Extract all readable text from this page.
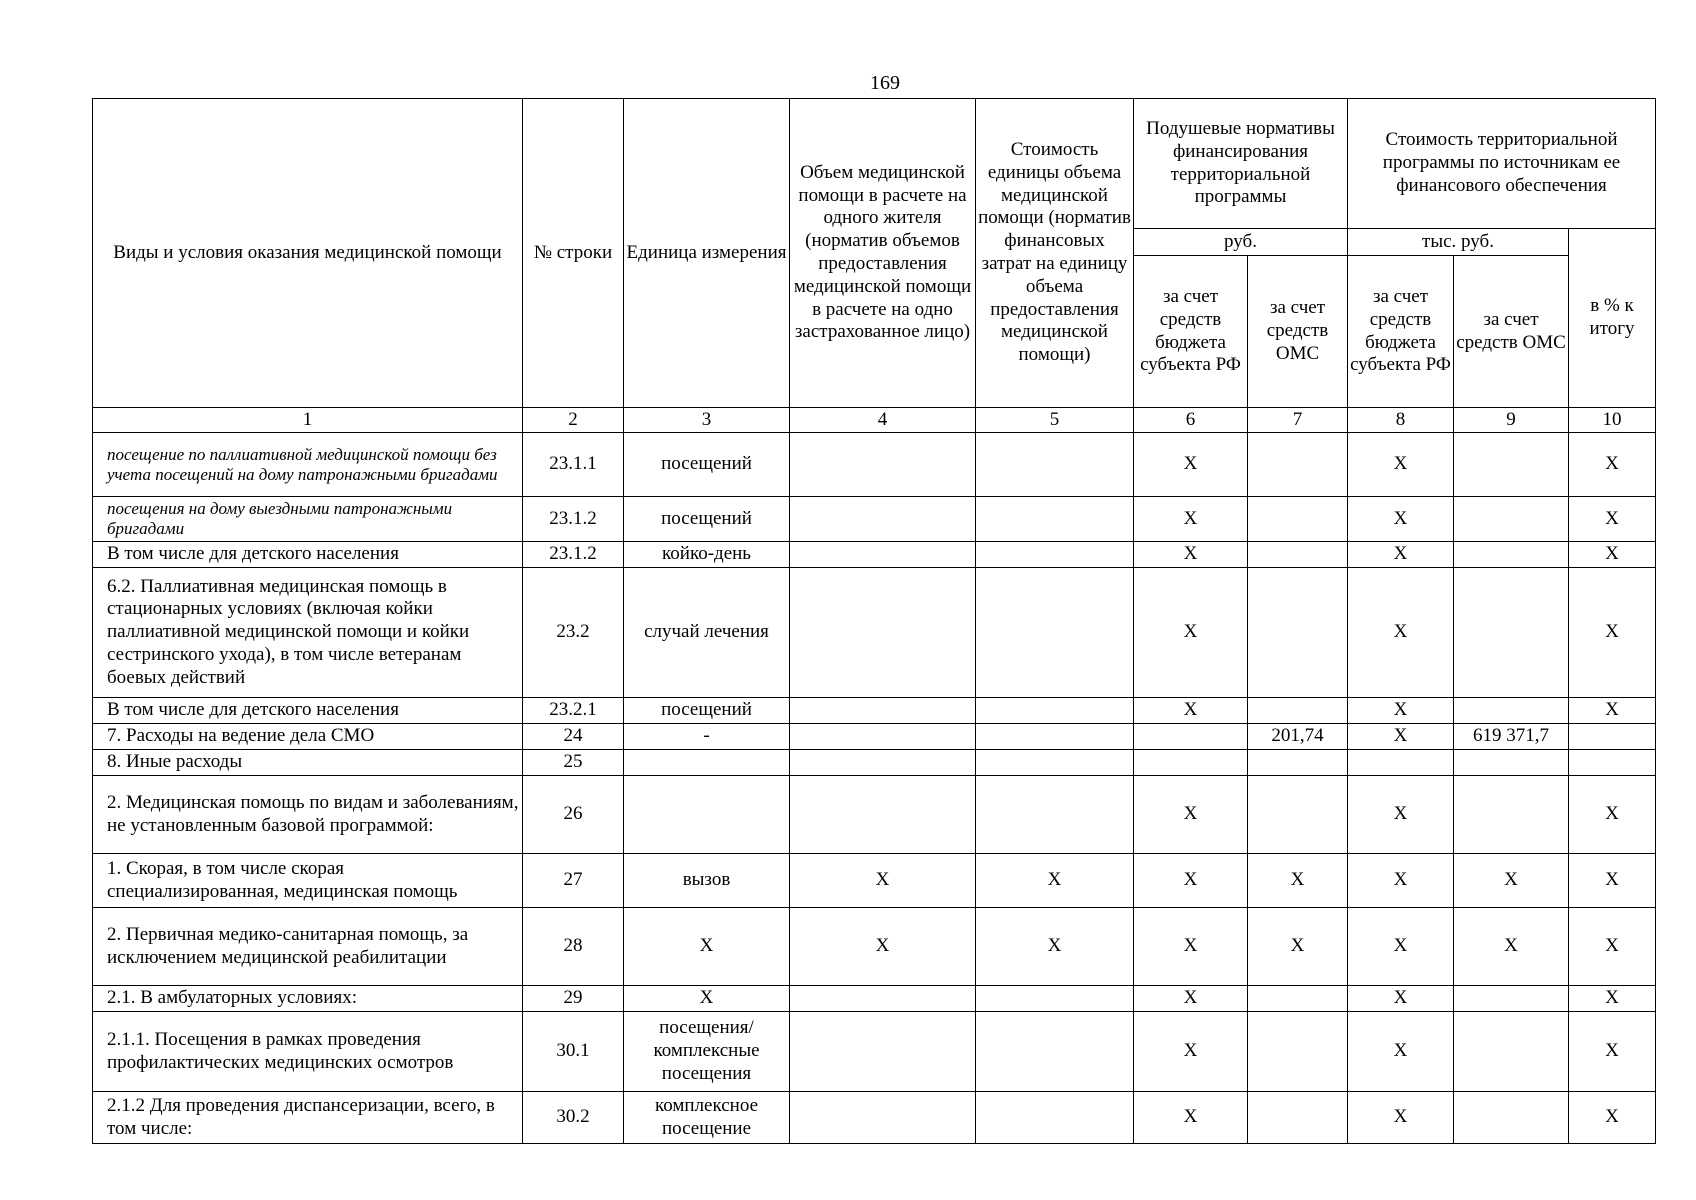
169
Виды и условия оказания медицинской помощи	№ строки	Единица измерения	Объем медицинской помощи в расчете на одного жителя (норматив объемов предоставления медицинской помощи в расчете на одно застрахованное лицо)	Стоимость единицы объема медицинской помощи (норматив финансовых затрат на единицу объема предоставления медицинской помощи)	Подушевые нормативы финансирования территориальной программы		Стоимость территориальной программы по источникам ее финансового обеспечения		
					руб.		тыс. руб.		в % к итогу
					за счет средств бюджета субъекта РФ	за счет средств ОМС	за счет средств бюджета субъекта РФ	за счет средств ОМС	
1	2	3	4	5	6	7	8	9	10
посещение по паллиативной медицинской помощи без учета посещений на дому патронажными бригадами	23.1.1	посещений			X		X		X
посещения на дому выездными патронажными бригадами	23.1.2	посещений			X		X		X
В том числе для детского населения	23.1.2	койко-день			X		X		X
6.2. Паллиативная медицинская помощь в стационарных условиях (включая койки паллиативной медицинской помощи и койки сестринского ухода), в том числе ветеранам боевых действий	23.2	случай лечения			X		X		X
В том числе для детского населения	23.2.1	посещений			X		X		X
7. Расходы на ведение дела СМО	24	-				201,74	X	619 371,7	
8. Иные расходы	25								
2. Медицинская помощь по видам и заболеваниям, не установленным базовой программой:	26				X		X		X
1. Скорая, в том числе скорая специализированная, медицинская помощь	27	вызов	X	X	X	X	X	X	X
2. Первичная медико-санитарная помощь, за исключением медицинской реабилитации	28	X	X	X	X	X	X	X	X
2.1. В амбулаторных условиях:	29	X			X		X		X
2.1.1. Посещения в рамках проведения профилактических медицинских осмотров	30.1	посещения/ комплексные посещения			X		X		X
2.1.2 Для проведения диспансеризации, всего, в том числе:	30.2	комплексное посещение			X		X		X
